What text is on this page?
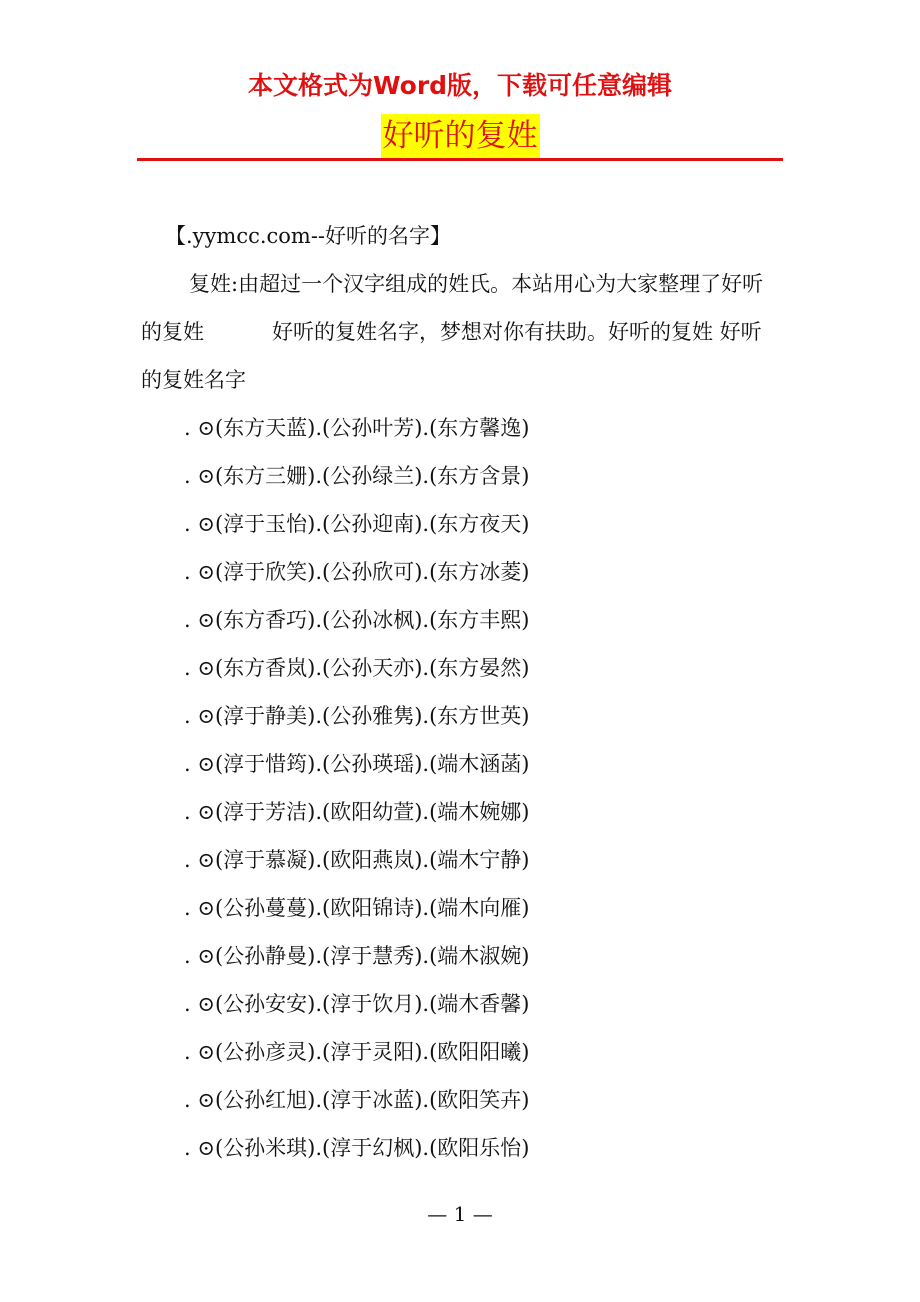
本文格式为Word版，下载可任意编辑
好听的复姓

【.yymcc.com--好听的名字】

复姓:由超过一个汉字组成的姓氏。本站用心为大家整理了好听的复姓	好听的复姓名字，梦想对你有扶助。好听的复姓 好听的复姓名字

. ⊙(东方天蓝).(公孙叶芳).(东方馨逸)
. ⊙(东方三姗).(公孙绿兰).(东方含景)
. ⊙(淳于玉怡).(公孙迎南).(东方夜天)
. ⊙(淳于欣笑).(公孙欣可).(东方冰菱)
. ⊙(东方香巧).(公孙冰枫).(东方丰熙)
. ⊙(东方香岚).(公孙天亦).(东方晏然)
. ⊙(淳于静美).(公孙雅隽).(东方世英)
. ⊙(淳于惜筠).(公孙瑛瑶).(端木涵菡)
. ⊙(淳于芳洁).(欧阳幼萱).(端木婉娜)
. ⊙(淳于慕凝).(欧阳燕岚).(端木宁静)
. ⊙(公孙蔓蔓).(欧阳锦诗).(端木向雁)
. ⊙(公孙静曼).(淳于慧秀).(端木淑婉)
. ⊙(公孙安安).(淳于饮月).(端木香馨)
. ⊙(公孙彦灵).(淳于灵阳).(欧阳阳曦)
. ⊙(公孙红旭).(淳于冰蓝).(欧阳笑卉)
. ⊙(公孙米琪).(淳于幻枫).(欧阳乐怡)
— 1 —
